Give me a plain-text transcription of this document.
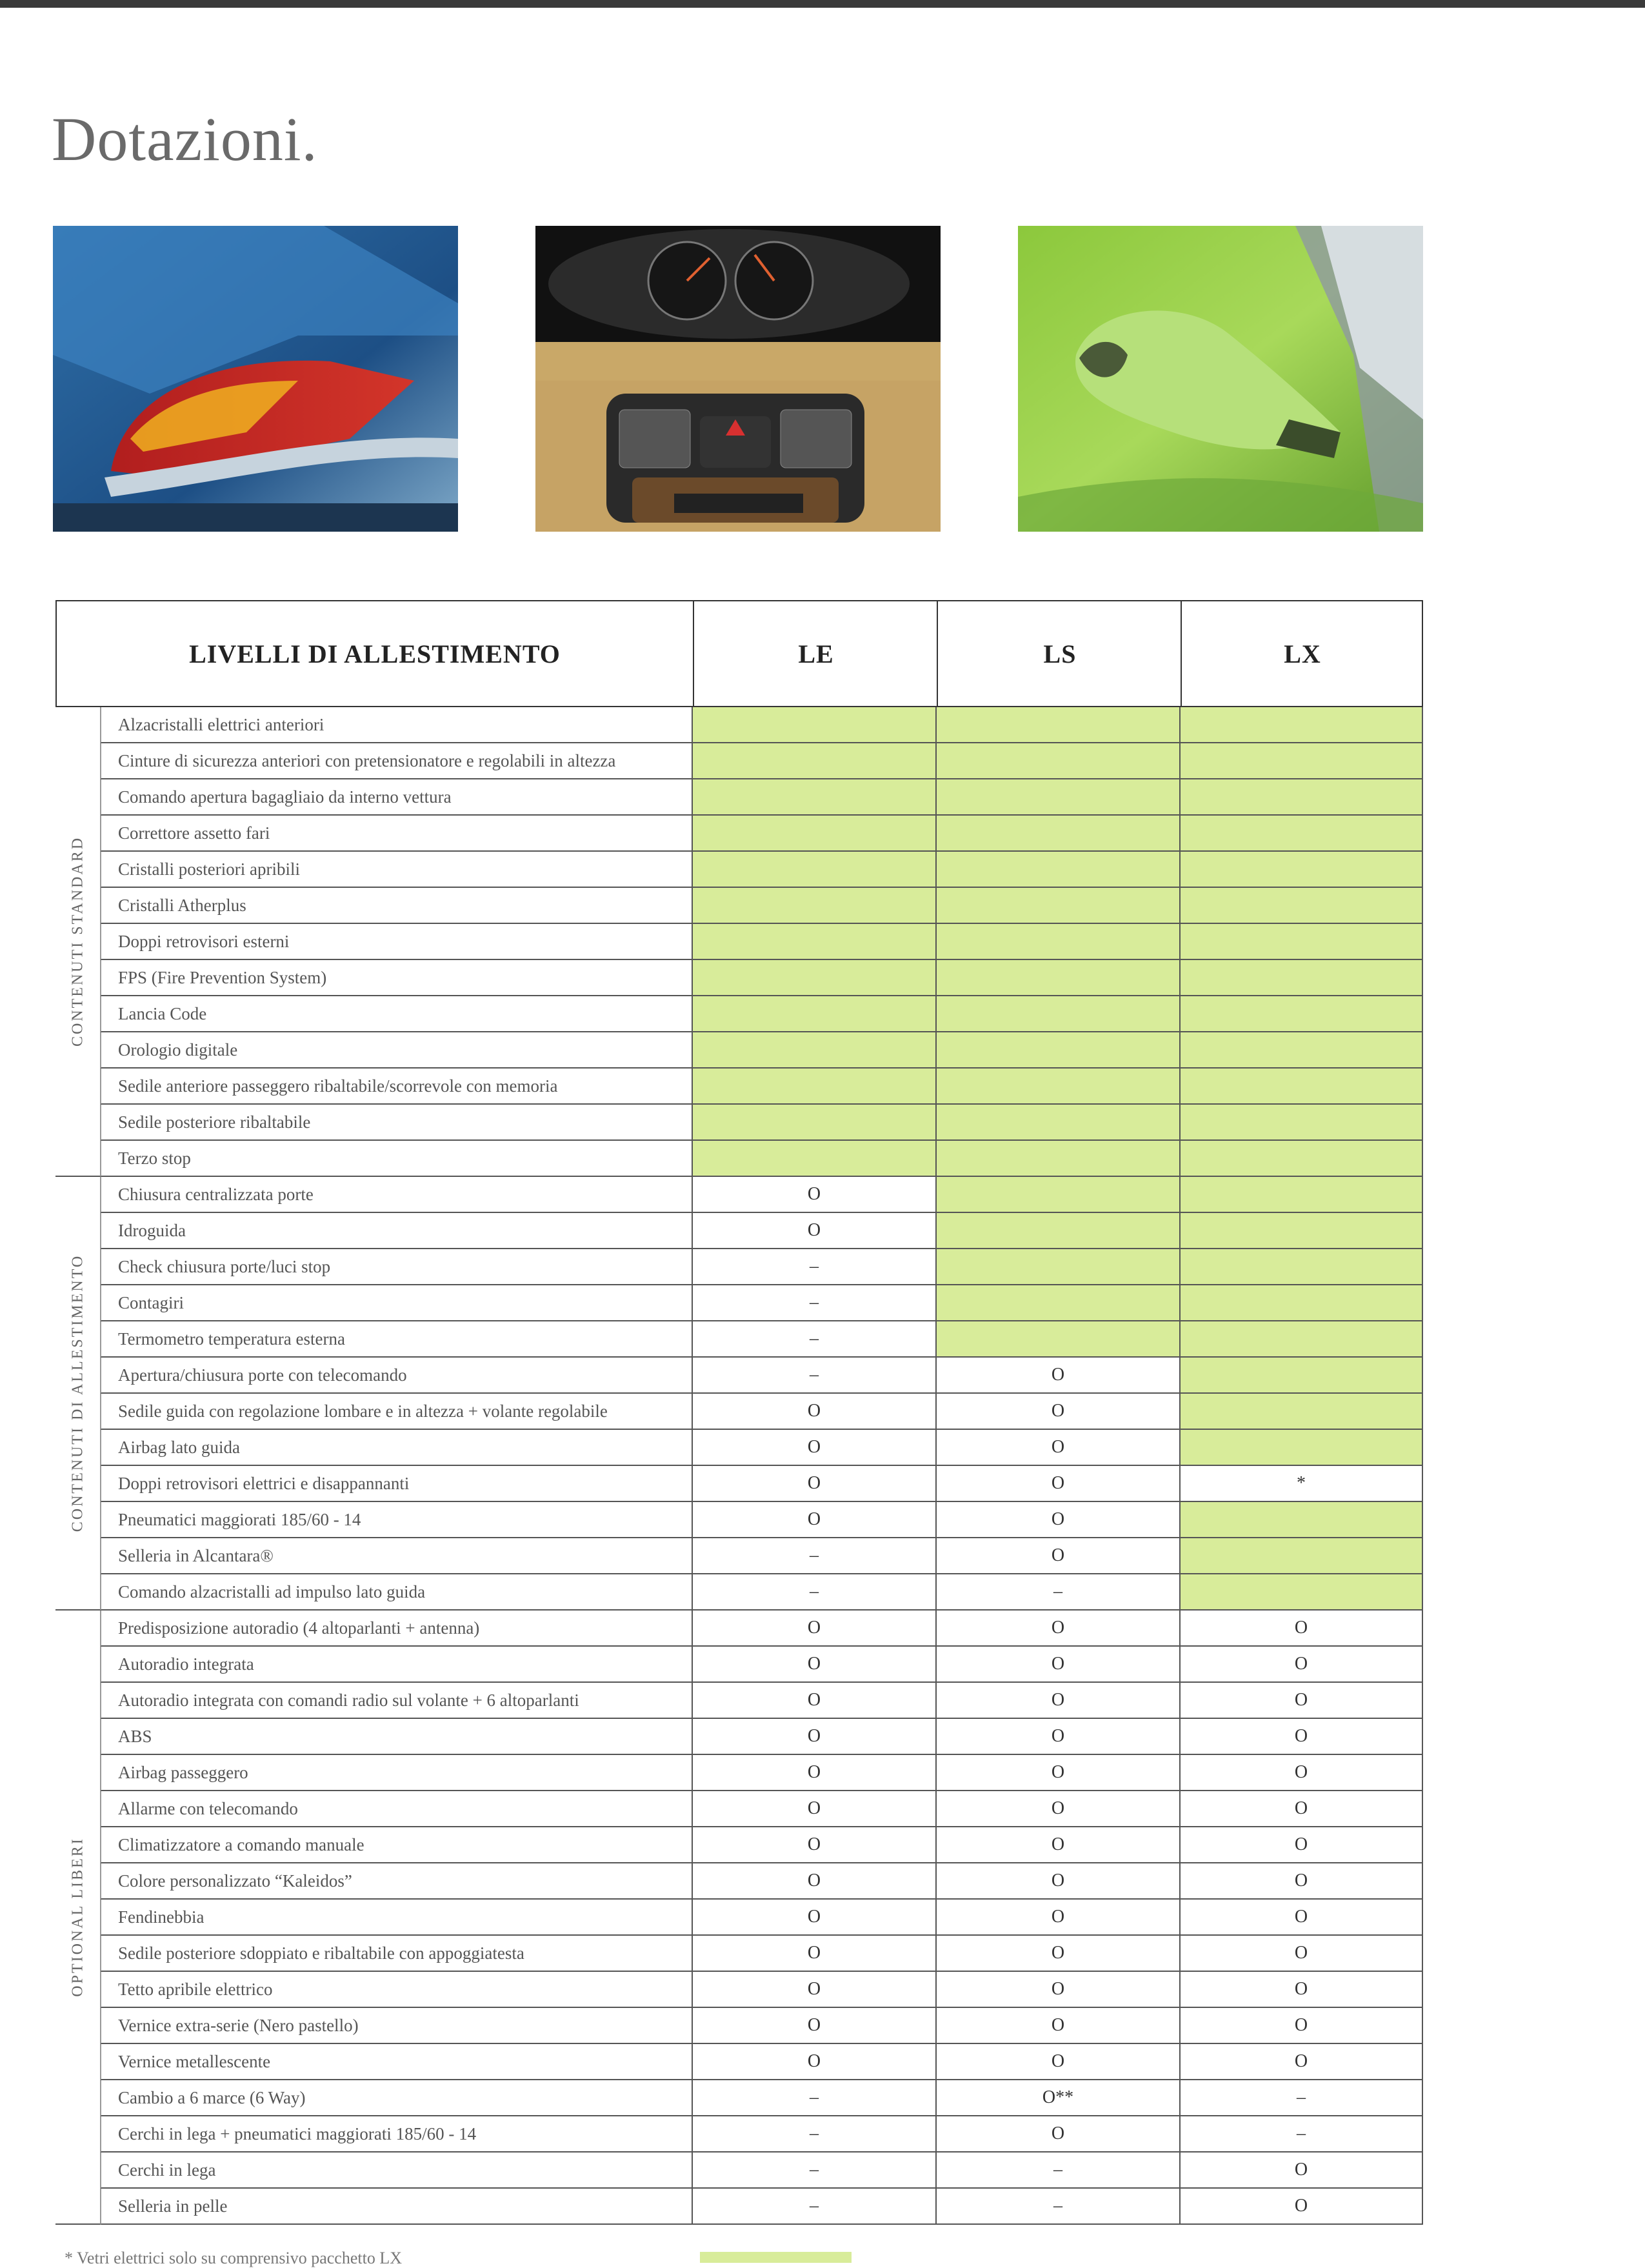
Dotazioni.
LIVELLI DI ALLESTIMENTO	LE	LS	LX
CONTENUTI STANDARD
Alzacristalli elettrici anteriori
Cinture di sicurezza anteriori con pretensionatore e regolabili in altezza
Comando apertura bagagliaio da interno vettura
Correttore assetto fari
Cristalli posteriori apribili
Cristalli Atherplus
Doppi retrovisori esterni
FPS (Fire Prevention System)
Lancia Code
Orologio digitale
Sedile anteriore passeggero ribaltabile/scorrevole con memoria
Sedile posteriore ribaltabile
Terzo stop
CONTENUTI DI ALLESTIMENTO
Chiusura centralizzata porte	O
Idroguida	O
Check chiusura porte/luci stop	–
Contagiri	–
Termometro temperatura esterna	–
Apertura/chiusura porte con telecomando	–	O
Sedile guida con regolazione lombare e in altezza + volante regolabile	O	O
Airbag lato guida	O	O
Doppi retrovisori elettrici e disappannanti	O	O	*
Pneumatici maggiorati 185/60 - 14	O	O
Selleria in Alcantara®	–	O
Comando alzacristalli ad impulso lato guida	–	–
OPTIONAL LIBERI
Predisposizione autoradio (4 altoparlanti + antenna)	O	O	O
Autoradio integrata	O	O	O
Autoradio integrata con comandi radio sul volante + 6 altoparlanti	O	O	O
ABS	O	O	O
Airbag passeggero	O	O	O
Allarme con telecomando	O	O	O
Climatizzatore a comando manuale	O	O	O
Colore personalizzato “Kaleidos”	O	O	O
Fendinebbia	O	O	O
Sedile posteriore sdoppiato e ribaltabile con appoggiatesta	O	O	O
Tetto apribile elettrico	O	O	O
Vernice extra-serie (Nero pastello)	O	O	O
Vernice metallescente	O	O	O
Cambio a 6 marce (6 Way)	–	O**	–
Cerchi in lega + pneumatici maggiorati 185/60 - 14	–	O	–
Cerchi in lega	–	–	O
Selleria in pelle	–	–	O
* Vetri elettrici solo su comprensivo pacchetto LX
